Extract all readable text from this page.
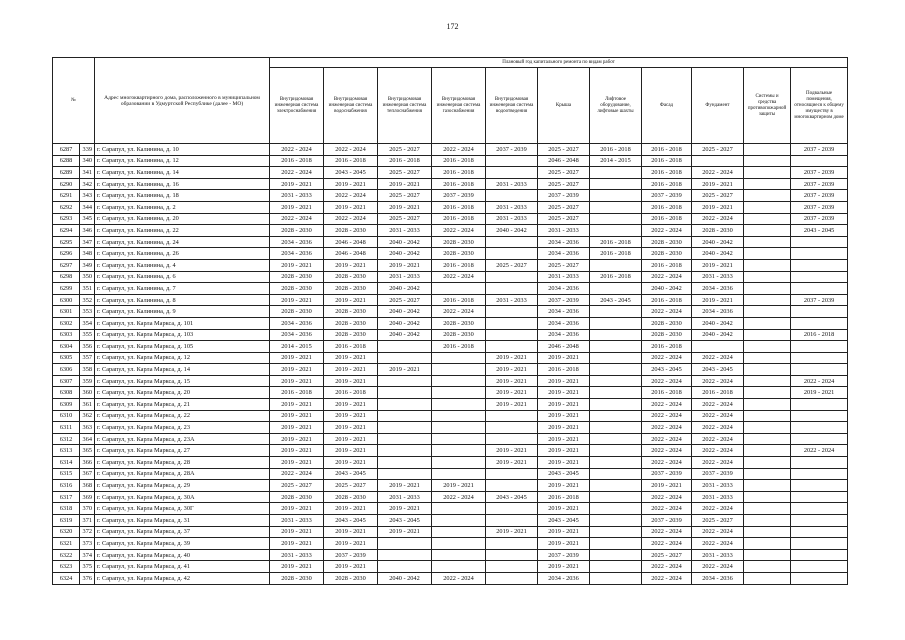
172
№		Адрес многоквартирного дома, расположенного в муниципальном образовании в Удмуртской Республике (далее - МО)	Плановый год капитального ремонта по видам работ										
			Внутридомовая инженерная система электроснабжения	Внутридомовая инженерная система водоснабжения	Внутридомовая инженерная система теплоснабжения	Внутридомовая инженерная система газоснабжения	Внутридомовая инженерная система водоотведения	Крыша	Лифтовое оборудование, лифтовые шахты	Фасад	Фундамент	Системы и средства противопожарной защиты	Подвальные помещения, относящиеся к общему имуществу в многоквартирном доме
6287	339	г. Сарапул, ул. Калинина, д. 10	2022 - 2024	2022 - 2024	2025 - 2027	2022 - 2024	2037 - 2039	2025 - 2027	2016 - 2018	2016 - 2018	2025 - 2027		2037 - 2039
6288	340	г. Сарапул, ул. Калинина, д. 12	2016 - 2018	2016 - 2018	2016 - 2018	2016 - 2018		2046 - 2048	2014 - 2015	2016 - 2018			
6289	341	г. Сарапул, ул. Калинина, д. 14	2022 - 2024	2043 - 2045	2025 - 2027	2016 - 2018		2025 - 2027		2016 - 2018	2022 - 2024		2037 - 2039
6290	342	г. Сарапул, ул. Калинина, д. 16	2019 - 2021	2019 - 2021	2019 - 2021	2016 - 2018	2031 - 2033	2025 - 2027		2016 - 2018	2019 - 2021		2037 - 2039
6291	343	г. Сарапул, ул. Калинина, д. 18	2031 - 2033	2022 - 2024	2025 - 2027	2037 - 2039		2037 - 2039		2037 - 2039	2025 - 2027		2037 - 2039
6292	344	г. Сарапул, ул. Калинина, д. 2	2019 - 2021	2019 - 2021	2019 - 2021	2016 - 2018	2031 - 2033	2025 - 2027		2016 - 2018	2019 - 2021		2037 - 2039
6293	345	г. Сарапул, ул. Калинина, д. 20	2022 - 2024	2022 - 2024	2025 - 2027	2016 - 2018	2031 - 2033	2025 - 2027		2016 - 2018	2022 - 2024		2037 - 2039
6294	346	г. Сарапул, ул. Калинина, д. 22	2028 - 2030	2028 - 2030	2031 - 2033	2022 - 2024	2040 - 2042	2031 - 2033		2022 - 2024	2028 - 2030		2043 - 2045
6295	347	г. Сарапул, ул. Калинина, д. 24	2034 - 2036	2046 - 2048	2040 - 2042	2028 - 2030		2034 - 2036	2016 - 2018	2028 - 2030	2040 - 2042		
6296	348	г. Сарапул, ул. Калинина, д. 26	2034 - 2036	2046 - 2048	2040 - 2042	2028 - 2030		2034 - 2036	2016 - 2018	2028 - 2030	2040 - 2042		
6297	349	г. Сарапул, ул. Калинина, д. 4	2019 - 2021	2019 - 2021	2019 - 2021	2016 - 2018	2025 - 2027	2025 - 2027		2016 - 2018	2019 - 2021		
6298	350	г. Сарапул, ул. Калинина, д. 6	2028 - 2030	2028 - 2030	2031 - 2033	2022 - 2024		2031 - 2033	2016 - 2018	2022 - 2024	2031 - 2033		
6299	351	г. Сарапул, ул. Калинина, д. 7	2028 - 2030	2028 - 2030	2040 - 2042			2034 - 2036		2040 - 2042	2034 - 2036		
6300	352	г. Сарапул, ул. Калинина, д. 8	2019 - 2021	2019 - 2021	2025 - 2027	2016 - 2018	2031 - 2033	2037 - 2039	2043 - 2045	2016 - 2018	2019 - 2021		2037 - 2039
6301	353	г. Сарапул, ул. Калинина, д. 9	2028 - 2030	2028 - 2030	2040 - 2042	2022 - 2024		2034 - 2036		2022 - 2024	2034 - 2036		
6302	354	г. Сарапул, ул. Карла Маркса, д. 101	2034 - 2036	2028 - 2030	2040 - 2042	2028 - 2030		2034 - 2036		2028 - 2030	2040 - 2042		
6303	355	г. Сарапул, ул. Карла Маркса, д. 103	2034 - 2036	2028 - 2030	2040 - 2042	2028 - 2030		2034 - 2036		2028 - 2030	2040 - 2042		2016 - 2018
6304	356	г. Сарапул, ул. Карла Маркса, д. 105	2014 - 2015	2016 - 2018		2016 - 2018		2046 - 2048		2016 - 2018			
6305	357	г. Сарапул, ул. Карла Маркса, д. 12	2019 - 2021	2019 - 2021			2019 - 2021	2019 - 2021		2022 - 2024	2022 - 2024		
6306	358	г. Сарапул, ул. Карла Маркса, д. 14	2019 - 2021	2019 - 2021	2019 - 2021		2019 - 2021	2016 - 2018		2043 - 2045	2043 - 2045		
6307	359	г. Сарапул, ул. Карла Маркса, д. 15	2019 - 2021	2019 - 2021			2019 - 2021	2019 - 2021		2022 - 2024	2022 - 2024		2022 - 2024
6308	360	г. Сарапул, ул. Карла Маркса, д. 20	2016 - 2018	2016 - 2018			2019 - 2021	2019 - 2021		2016 - 2018	2016 - 2018		2019 - 2021
6309	361	г. Сарапул, ул. Карла Маркса, д. 21	2019 - 2021	2019 - 2021			2019 - 2021	2019 - 2021		2022 - 2024	2022 - 2024		
6310	362	г. Сарапул, ул. Карла Маркса, д. 22	2019 - 2021	2019 - 2021				2019 - 2021		2022 - 2024	2022 - 2024		
6311	363	г. Сарапул, ул. Карла Маркса, д. 23	2019 - 2021	2019 - 2021				2019 - 2021		2022 - 2024	2022 - 2024		
6312	364	г. Сарапул, ул. Карла Маркса, д. 23А	2019 - 2021	2019 - 2021				2019 - 2021		2022 - 2024	2022 - 2024		
6313	365	г. Сарапул, ул. Карла Маркса, д. 27	2019 - 2021	2019 - 2021			2019 - 2021	2019 - 2021		2022 - 2024	2022 - 2024		2022 - 2024
6314	366	г. Сарапул, ул. Карла Маркса, д. 28	2019 - 2021	2019 - 2021			2019 - 2021	2019 - 2021		2022 - 2024	2022 - 2024		
6315	367	г. Сарапул, ул. Карла Маркса, д. 28А	2022 - 2024	2043 - 2045				2043 - 2045		2037 - 2039	2037 - 2039		
6316	368	г. Сарапул, ул. Карла Маркса, д. 29	2025 - 2027	2025 - 2027	2019 - 2021	2019 - 2021		2019 - 2021		2019 - 2021	2031 - 2033		
6317	369	г. Сарапул, ул. Карла Маркса, д. 30А	2028 - 2030	2028 - 2030	2031 - 2033	2022 - 2024	2043 - 2045	2016 - 2018		2022 - 2024	2031 - 2033		
6318	370	г. Сарапул, ул. Карла Маркса, д. 30Г	2019 - 2021	2019 - 2021	2019 - 2021			2019 - 2021		2022 - 2024	2022 - 2024		
6319	371	г. Сарапул, ул. Карла Маркса, д. 31	2031 - 2033	2043 - 2045	2043 - 2045			2043 - 2045		2037 - 2039	2025 - 2027		
6320	372	г. Сарапул, ул. Карла Маркса, д. 37	2019 - 2021	2019 - 2021	2019 - 2021		2019 - 2021	2019 - 2021		2022 - 2024	2022 - 2024		
6321	373	г. Сарапул, ул. Карла Маркса, д. 39	2019 - 2021	2019 - 2021				2019 - 2021		2022 - 2024	2022 - 2024		
6322	374	г. Сарапул, ул. Карла Маркса, д. 40	2031 - 2033	2037 - 2039				2037 - 2039		2025 - 2027	2031 - 2033		
6323	375	г. Сарапул, ул. Карла Маркса, д. 41	2019 - 2021	2019 - 2021				2019 - 2021		2022 - 2024	2022 - 2024		
6324	376	г. Сарапул, ул. Карла Маркса, д. 42	2028 - 2030	2028 - 2030	2040 - 2042	2022 - 2024		2034 - 2036		2022 - 2024	2034 - 2036		
